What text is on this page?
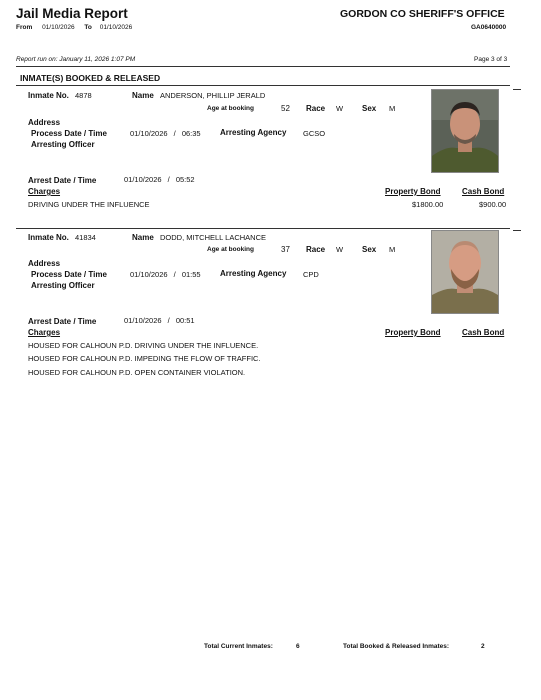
Jail Media Report	GORDON CO SHERIFF'S OFFICE
From 01/10/2026 To 01/10/2026	GA0640000
Report run on: January 11, 2026 1:07 PM	Page 3 of 3
INMATE(S) BOOKED & RELEASED
Inmate No. 4878	Name ANDERSON, PHILLIP JERALD
Age at booking	52 Race W Sex M
Address
Process Date / Time	01/10/2026 / 06:35 Arresting Agency GCSO
Arresting Officer
Arrest Date / Time	01/10/2026 / 05:52
Charges	Property Bond	Cash Bond
DRIVING UNDER THE INFLUENCE	$1800.00	$900.00
Inmate No. 41834	Name DODD, MITCHELL LACHANCE
Age at booking	37 Race W Sex M
Address
Process Date / Time	01/10/2026 / 01:55 Arresting Agency CPD
Arresting Officer
Arrest Date / Time	01/10/2026 / 00:51
Charges	Property Bond	Cash Bond
HOUSED FOR CALHOUN P.D. DRIVING UNDER THE INFLUENCE.
HOUSED FOR CALHOUN P.D. IMPEDING THE FLOW OF TRAFFIC.
HOUSED FOR CALHOUN P.D. OPEN CONTAINER VIOLATION.
Total Current Inmates:	6	Total Booked & Released Inmates:	2
